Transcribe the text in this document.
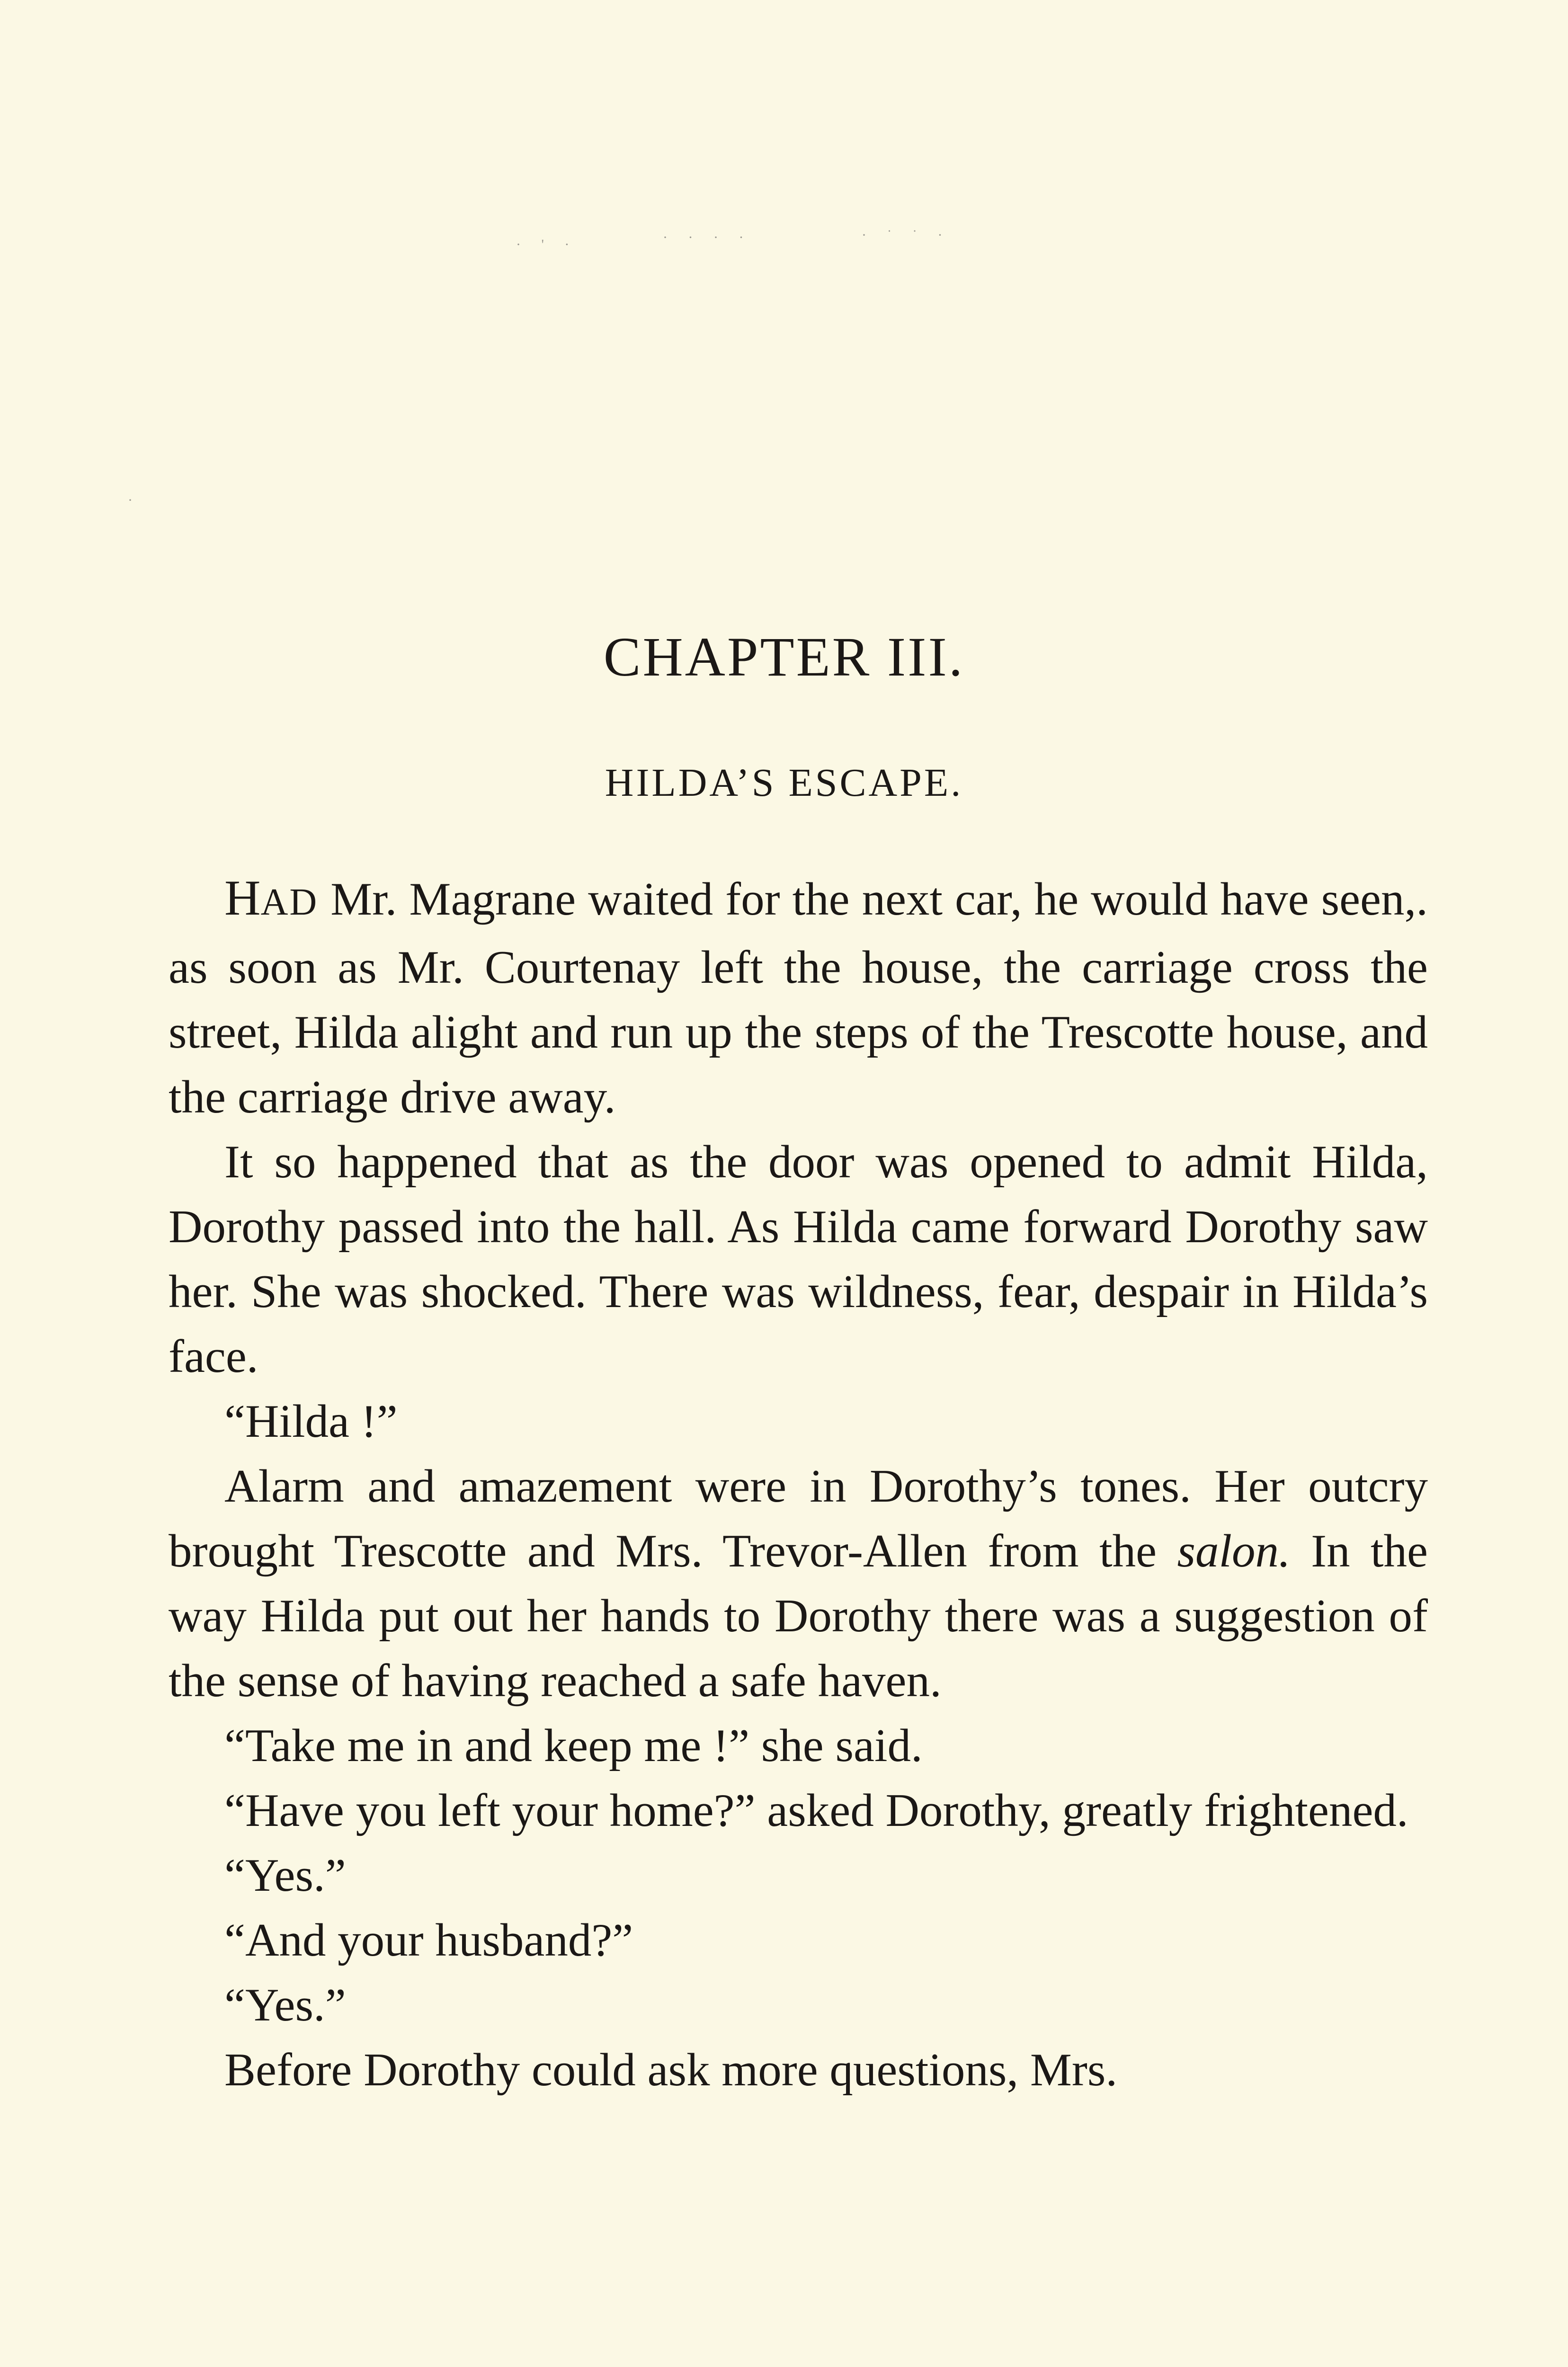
· ' ·	· · · ·	· ˙ ˙ ·
·
CHAPTER III.
HILDA’S ESCAPE.

HAD Mr. Magrane waited for the next car, he would have seen,. as soon as Mr. Courtenay left the house, the carriage cross the street, Hilda alight and run up the steps of the Trescotte house, and the carriage drive away.

It so happened that as the door was opened to admit Hilda, Dorothy passed into the hall. As Hilda came forward Dorothy saw her. She was shocked. There was wildness, fear, despair in Hilda’s face.

“Hilda !”

Alarm and amazement were in Dorothy’s tones. Her outcry brought Trescotte and Mrs. Trevor-Allen from the salon. In the way Hilda put out her hands to Dorothy there was a suggestion of the sense of having reached a safe haven.

“Take me in and keep me !” she said.

“Have you left your home?” asked Dorothy, greatly frightened.

“Yes.”

“And your husband?”

“Yes.”

Before Dorothy could ask more questions, Mrs.
